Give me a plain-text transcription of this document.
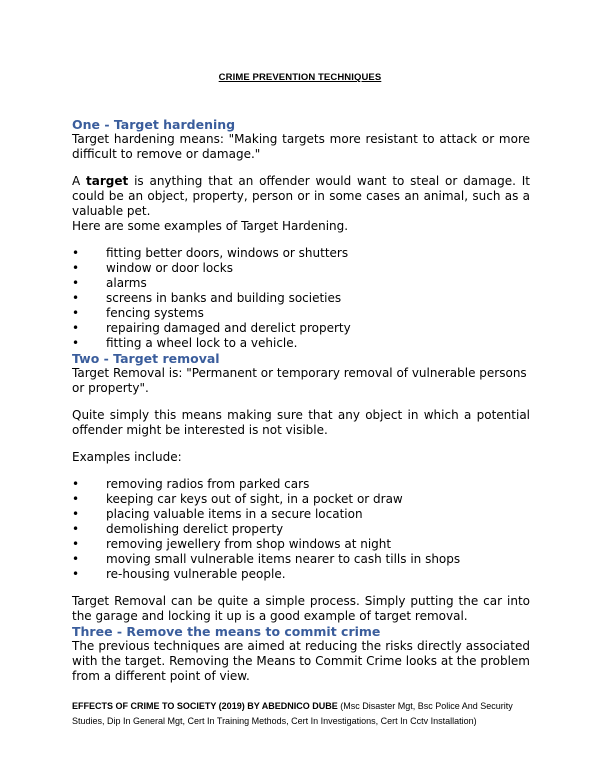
CRIME PREVENTION TECHNIQUES
One - Target hardening

Target hardening means: "Making targets more resistant to attack or more difficult to remove or damage."

A target is anything that an offender would want to steal or damage. It could be an object, property, person or in some cases an animal, such as a valuable pet.

Here are some examples of Target Hardening.

• fitting better doors, windows or shutters
• window or door locks
• alarms
• screens in banks and building societies
• fencing systems
• repairing damaged and derelict property
• fitting a wheel lock to a vehicle.
Two - Target removal

Target Removal is: "Permanent or temporary removal of vulnerable persons or property".

Quite simply this means making sure that any object in which a potential offender might be interested is not visible.

Examples include:

• removing radios from parked cars
• keeping car keys out of sight, in a pocket or draw
• placing valuable items in a secure location
• demolishing derelict property
• removing jewellery from shop windows at night
• moving small vulnerable items nearer to cash tills in shops
• re-housing vulnerable people.

Target Removal can be quite a simple process. Simply putting the car into the garage and locking it up is a good example of target removal.

Three - Remove the means to commit crime

The previous techniques are aimed at reducing the risks directly associated with the target. Removing the Means to Commit Crime looks at the problem from a different point of view.

EFFECTS OF CRIME TO SOCIETY (2019) BY ABEDNICO DUBE (Msc Disaster Mgt, Bsc Police And Security Studies, Dip In General Mgt, Cert In Training Methods, Cert In Investigations, Cert In Cctv Installation)
